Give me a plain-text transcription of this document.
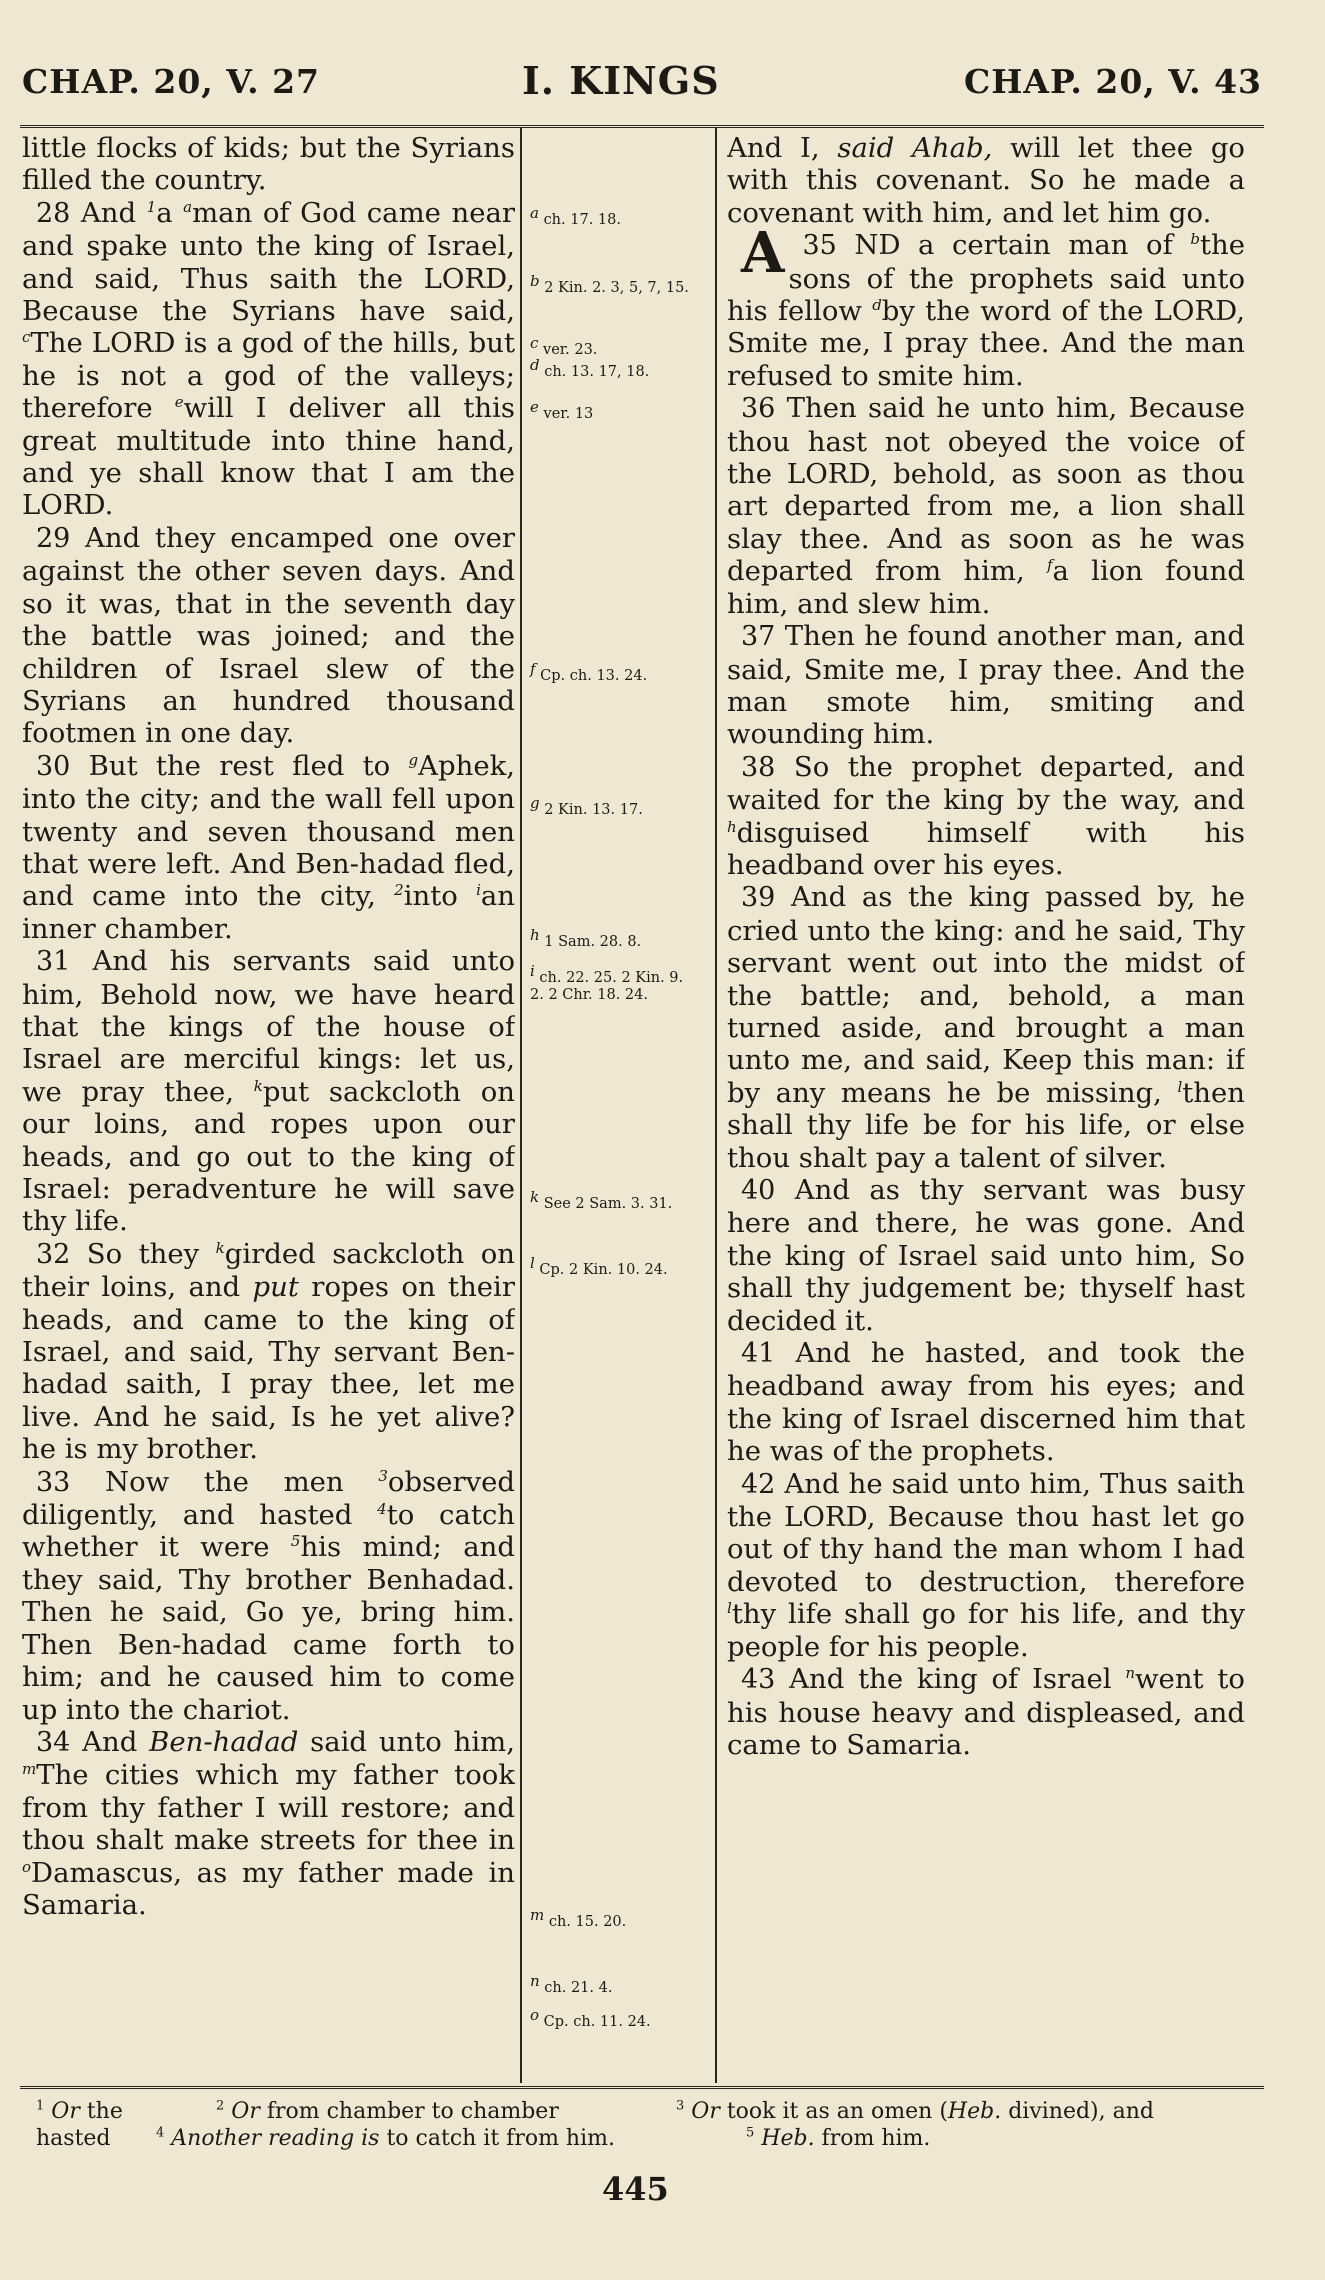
CHAP. 20, V. 27	I. KINGS	CHAP. 20, V. 43

little flocks of kids; but the Syrians filled the country.

28 And $^1$a $^a$man of God came near and spake unto the king of Israel, and said, Thus saith the LORD, Because the Syrians have said, $^c$The LORD is a god of the hills, but he is not a god of the valleys; therefore $^e$will I deliver all this great multitude into thine hand, and ye shall know that I am the LORD.

29 And they encamped one over against the other seven days. And so it was, that in the seventh day the battle was joined; and the children of Israel slew of the Syrians an hundred thousand footmen in one day.

30 But the rest fled to $^g$Aphek, into the city; and the wall fell upon twenty and seven thousand men that were left. And Ben-hadad fled, and came into the city, $^2$into $^i$an inner chamber.

31 And his servants said unto him, Behold now, we have heard that the kings of the house of Israel are merciful kings: let us, we pray thee, $^k$put sackcloth on our loins, and ropes upon our heads, and go out to the king of Israel: peradventure he will save thy life.

32 So they $^k$girded sackcloth on their loins, and put ropes on their heads, and came to the king of Israel, and said, Thy servant Ben-hadad saith, I pray thee, let me live. And he said, Is he yet alive? he is my brother.

33 Now the men $^3$observed diligently, and hasted $^4$to catch whether it were $^5$his mind; and they said, Thy brother Benhadad. Then he said, Go ye, bring him. Then Ben-hadad came forth to him; and he caused him to come up into the chariot.

34 And Ben-hadad said unto him, $^m$The cities which my father took from thy father I will restore; and thou shalt make streets for thee in $^o$Damascus, as my father made in Samaria.

a ch. 17. 18.
b 2 Kin. 2. 3, 5, 7, 15.
c ver. 23.
d ch. 13. 17, 18.
e ver. 13
f Cp. ch. 13. 24.
g 2 Kin. 13. 17.
h 1 Sam. 28. 8.
i ch. 22. 25. 2 Kin. 9. 2. 2 Chr. 18. 24.
k See 2 Sam. 3. 31.
l Cp. 2 Kin. 10. 24.
m ch. 15. 20.
n ch. 21. 4.
o Cp. ch. 11. 24.

And I, said Ahab, will let thee go with this covenant. So he made a covenant with him, and let him go.

35
A	ND a certain man of $^b$the sons of the prophets said unto his fellow $^d$by the word of the LORD, Smite me, I pray thee. And the man refused to smite him.

36 Then said he unto him, Because thou hast not obeyed the voice of the LORD, behold, as soon as thou art departed from me, a lion shall slay thee. And as soon as he was departed from him, $^f$a lion found him, and slew him.

37 Then he found another man, and said, Smite me, I pray thee. And the man smote him, smiting and wounding him.

38 So the prophet departed, and waited for the king by the way, and $^h$disguised himself with his headband over his eyes.

39 And as the king passed by, he cried unto the king: and he said, Thy servant went out into the midst of the battle; and, behold, a man turned aside, and brought a man unto me, and said, Keep this man: if by any means he be missing, $^l$then shall thy life be for his life, or else thou shalt pay a talent of silver.

40 And as thy servant was busy here and there, he was gone. And the king of Israel said unto him, So shall thy judgement be; thyself hast decided it.

41 And he hasted, and took the headband away from his eyes; and the king of Israel discerned him that he was of the prophets.

42 And he said unto him, Thus saith the LORD, Because thou hast let go out of thy hand the man whom I had devoted to destruction, therefore $^l$thy life shall go for his life, and thy people for his people.

43 And the king of Israel $^n$went to his house heavy and displeased, and came to Samaria.

$^1$ Or the hasted
$^2$ Or from chamber to chamber	$^3$ Or took it as an omen (Heb. divined), and
$^4$ Another reading is to catch it from him.	$^5$ Heb. from him.
445
